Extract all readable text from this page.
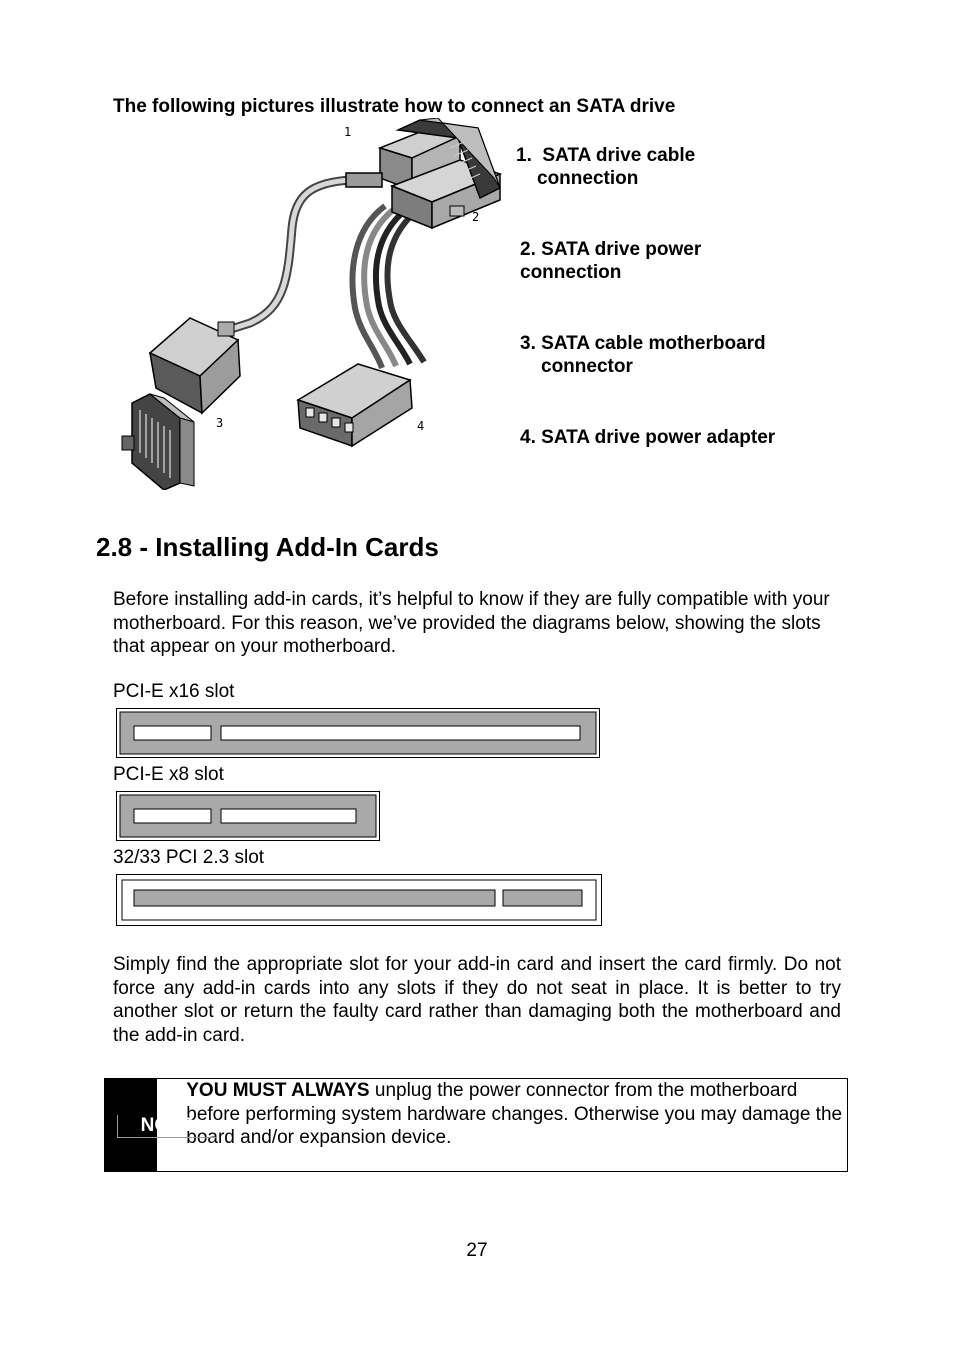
The following pictures illustrate how to connect an SATA drive
1
2
3	4
1. SATA drive cable
connection
2. SATA drive power
connection
3. SATA cable motherboard
connector
4. SATA drive power adapter
2.8 - Installing Add-In Cards
Before installing add-in cards, it’s helpful to know if they are fully compatible with your motherboard. For this reason, we’ve provided the diagrams below, showing the slots that appear on your motherboard.
PCI-E x16 slot
PCI-E x8 slot
32/33 PCI 2.3 slot
Simply find the appropriate slot for your add-in card and insert the card firmly. Do not force any add-in cards into any slots if they do not seat in place. It is better to try another slot or return the faulty card rather than damaging both the motherboard and the add-in card.
NOTE
YOU MUST ALWAYS unplug the power connector from the motherboard before performing system hardware changes. Otherwise you may damage the board and/or expansion device.
27
